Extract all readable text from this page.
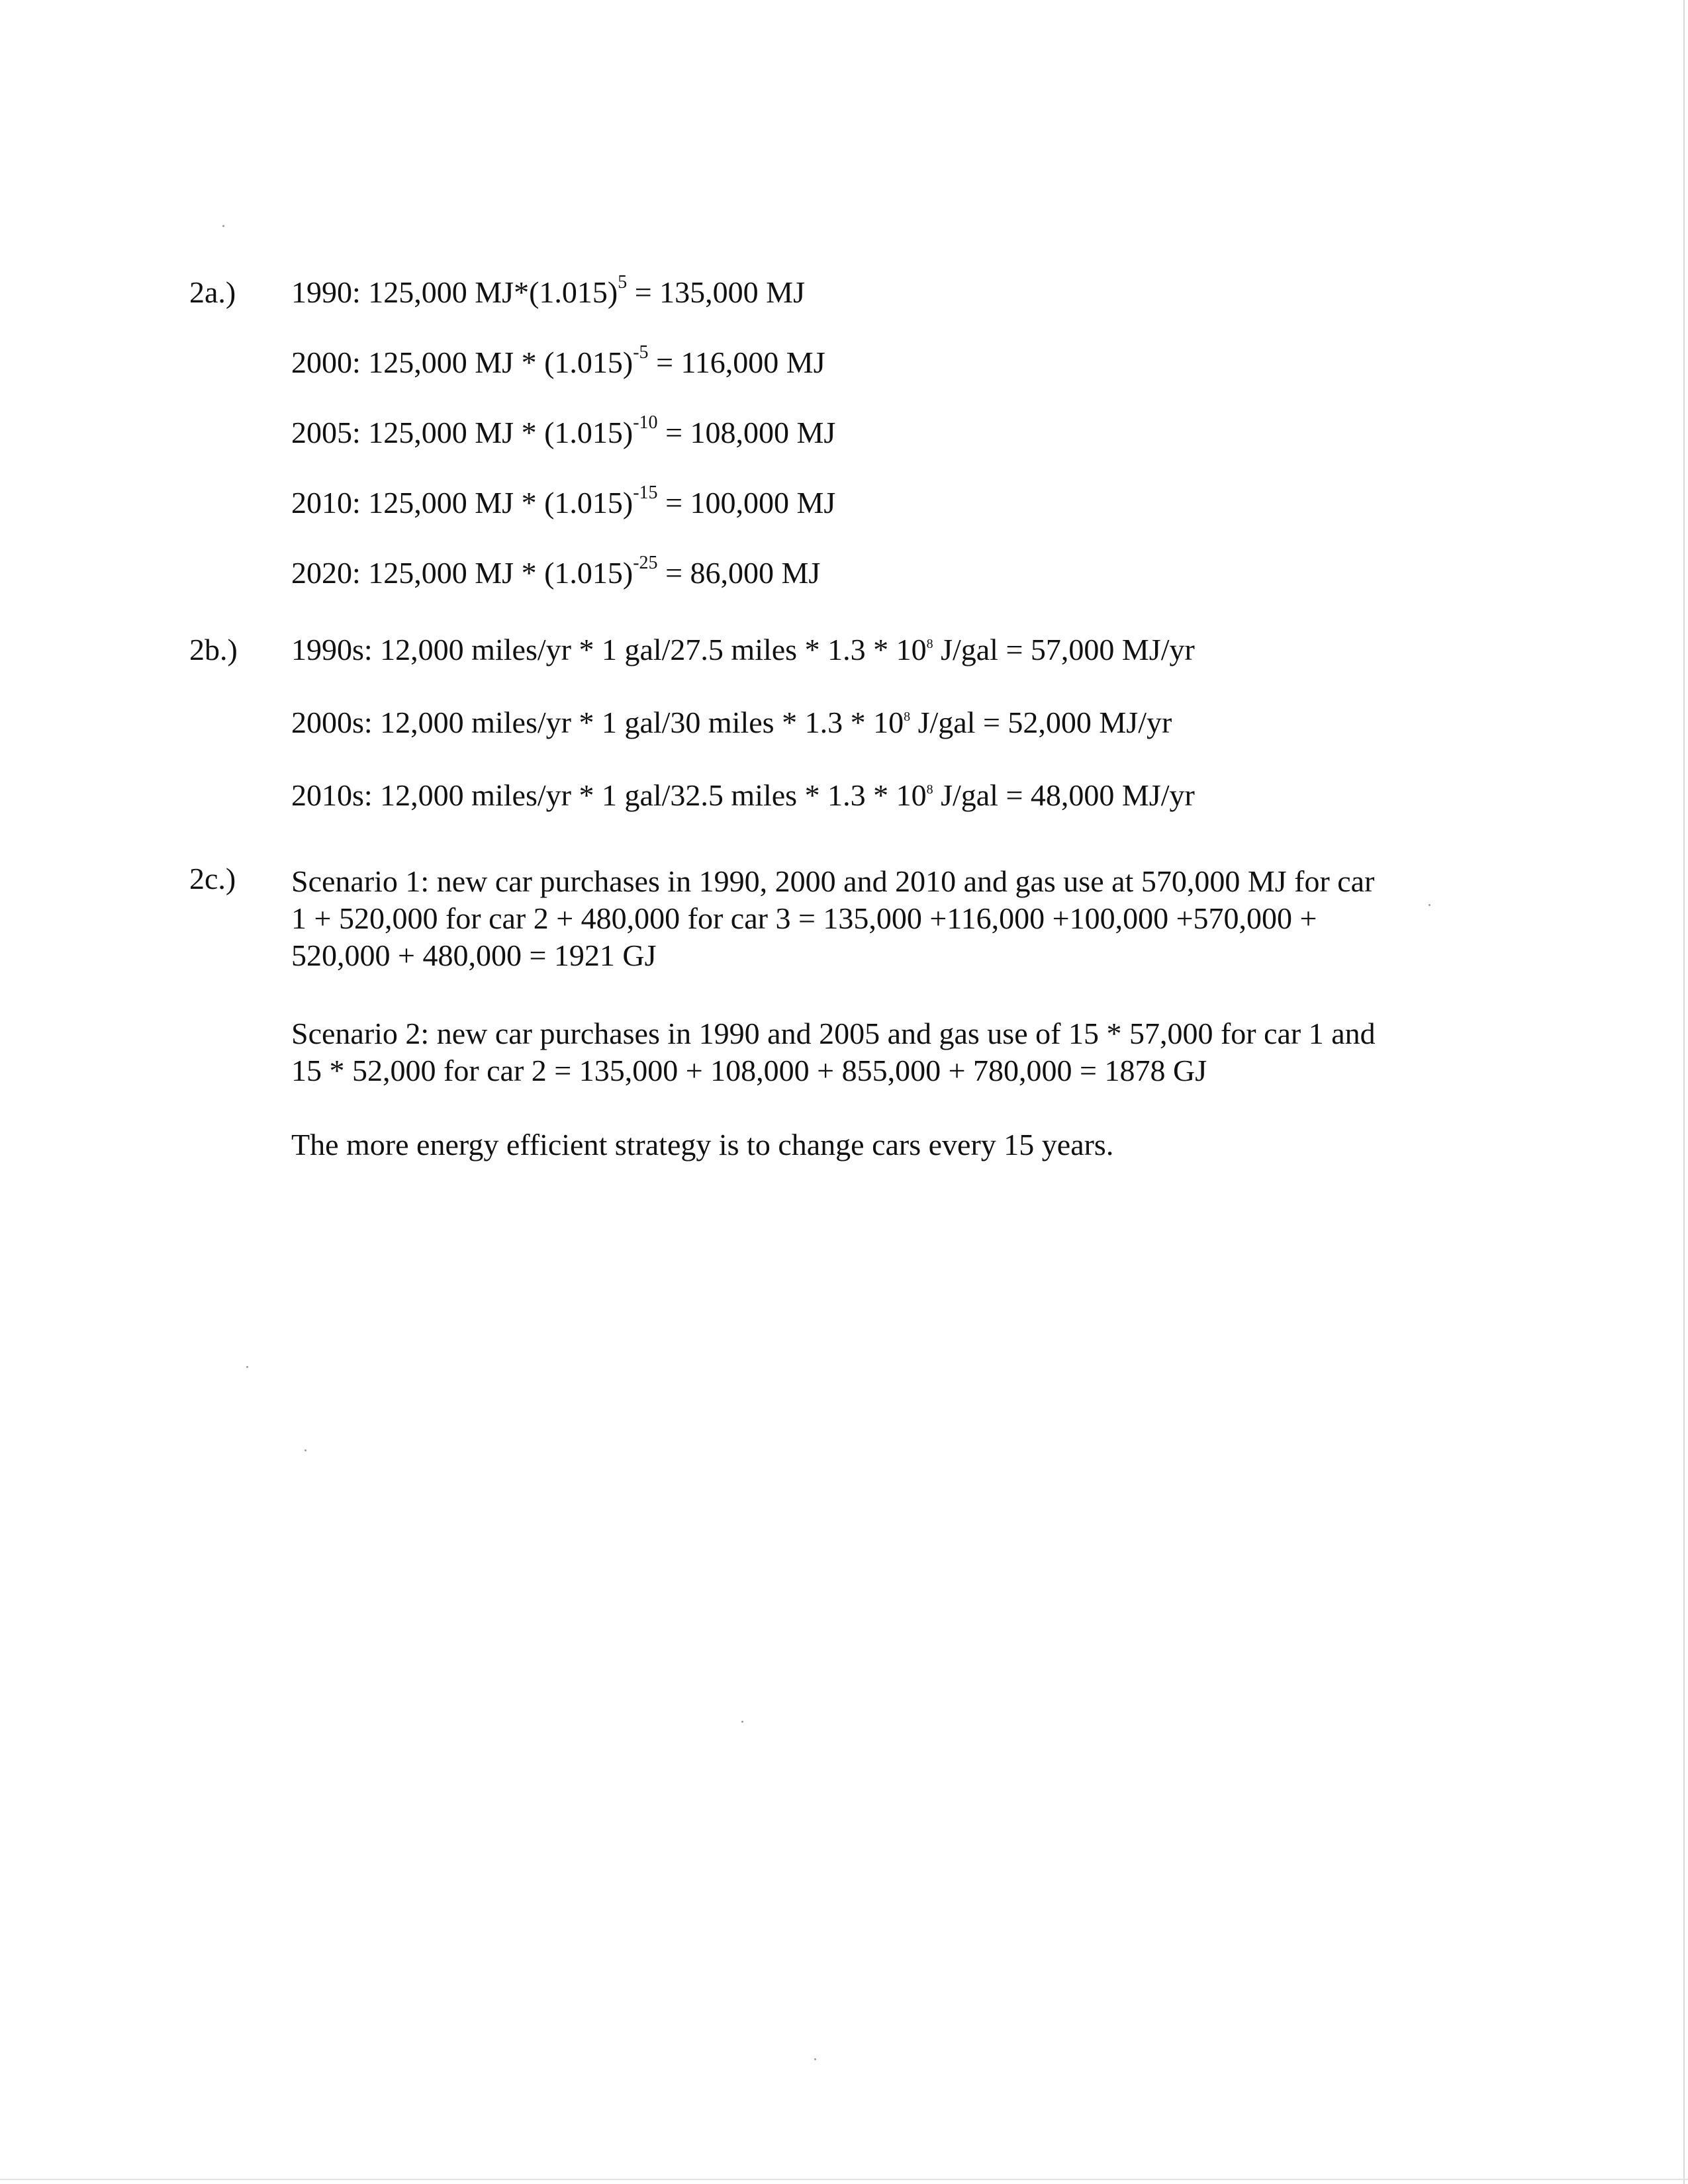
2a.) 1990: 125,000 $MJ*(1.015)^5 = 135,000$ MJ
2000: 125,000 MJ * $(1.015)^{-5} = 116,000$ MJ
2005: 125,000 MJ * $(1.015)^{-10} = 108,000$ MJ
2010: 125,000 MJ * $(1.015)^{-15} = 100,000$ MJ
2020: 125,000 MJ * $(1.015)^{-25} = 86,000$ MJ
2b.) 1990s: 12,000 miles/yr * 1 gal/27.5 miles * $1.3 * 10^8$ J/gal = 57,000 MJ/yr
2000s: 12,000 miles/yr * 1 gal/30 miles * $1.3 * 10^8$ J/gal = 52,000 MJ/yr
2010s: 12,000 miles/yr * 1 gal/32.5 miles * $1.3 * 10^8$ J/gal = 48,000 MJ/yr
2c.) Scenario 1: new car purchases in 1990, 2000 and 2010 and gas use at 570,000 MJ for car
1 + 520,000 for car 2 + 480,000 for car 3 = 135,000 +116,000 +100,000 +570,000 +
520,000 + 480,000 = 1921 GJ
Scenario 2: new car purchases in 1990 and 2005 and gas use of 15 * 57,000 for car 1 and
15 * 52,000 for car 2 = 135,000 + 108,000 + 855,000 + 780,000 = 1878 GJ
The more energy efficient strategy is to change cars every 15 years.
